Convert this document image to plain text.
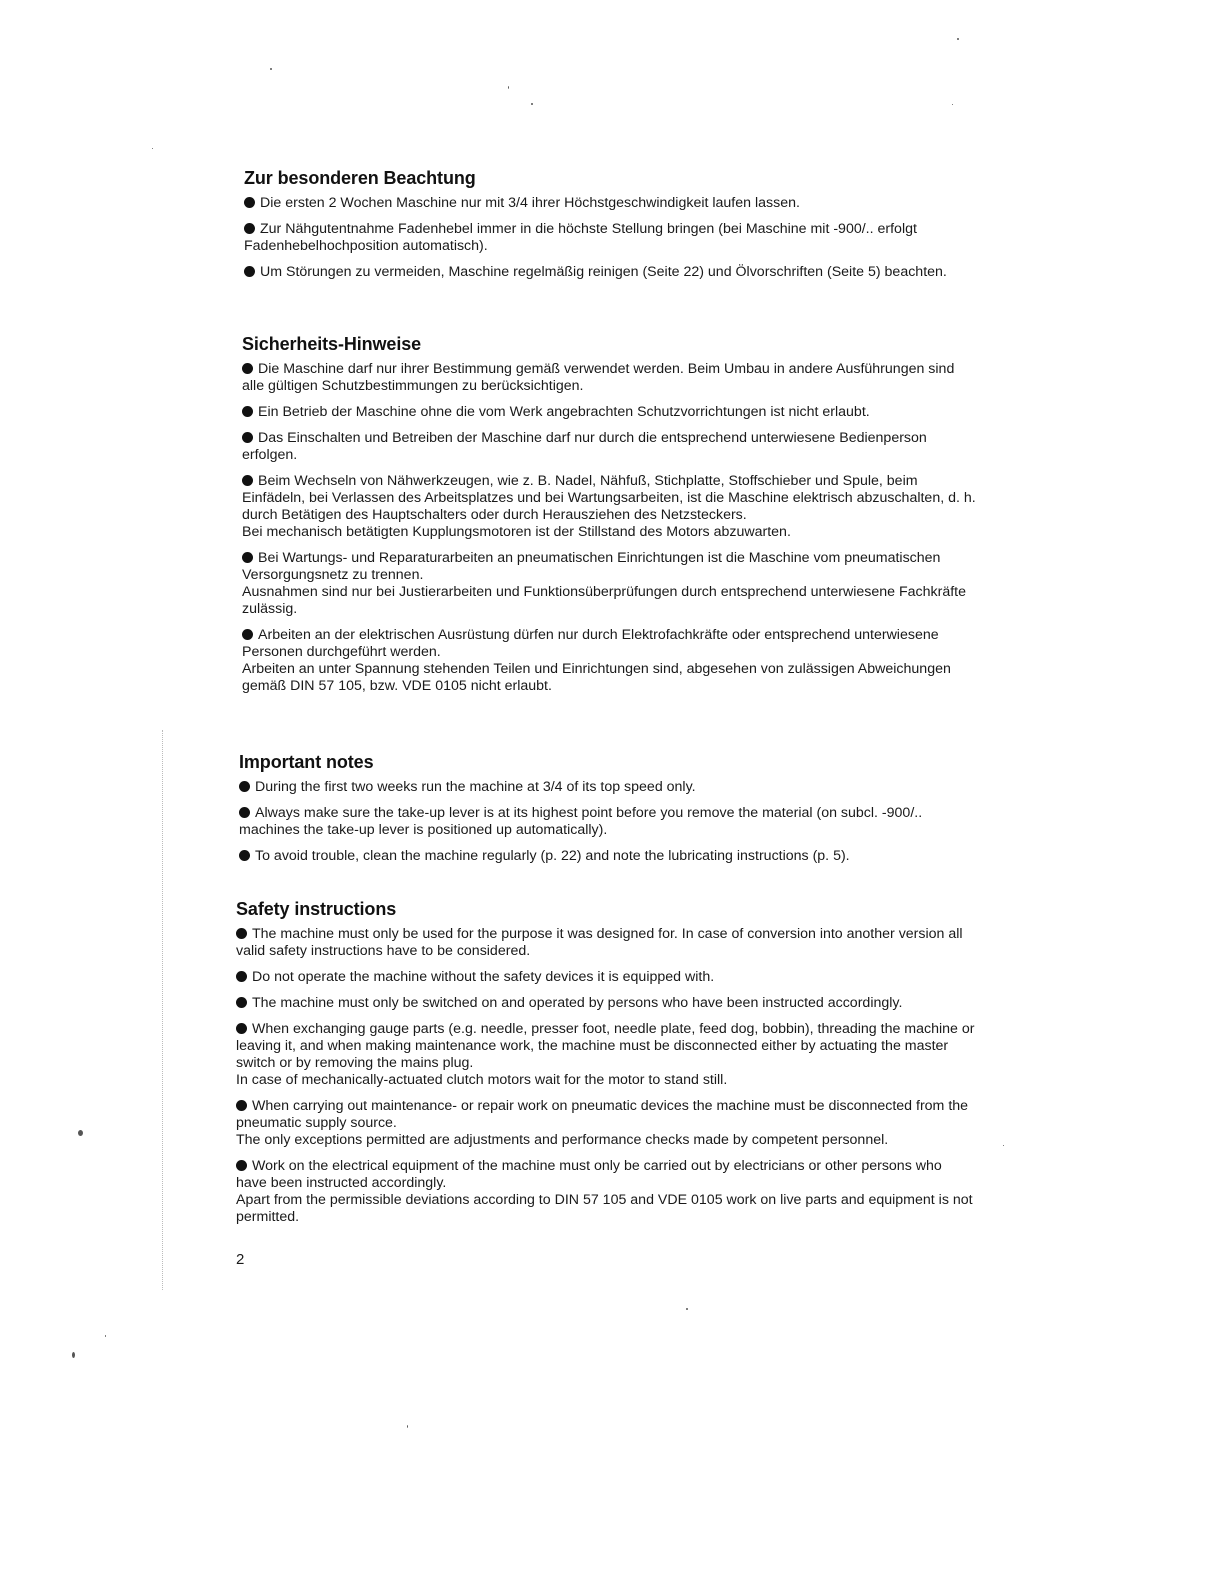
Zur besonderen Beachtung
Die ersten 2 Wochen Maschine nur mit 3/4 ihrer Höchstgeschwindigkeit laufen lassen.
Zur Nähgutentnahme Fadenhebel immer in die höchste Stellung bringen (bei Maschine mit -900/.. erfolgt Fadenhebelhochposition automatisch).
Um Störungen zu vermeiden, Maschine regelmäßig reinigen (Seite 22) und Ölvorschriften (Seite 5) beachten.
Sicherheits-Hinweise
Die Maschine darf nur ihrer Bestimmung gemäß verwendet werden. Beim Umbau in andere Ausführungen sind alle gültigen Schutzbestimmungen zu berücksichtigen.
Ein Betrieb der Maschine ohne die vom Werk angebrachten Schutzvorrichtungen ist nicht erlaubt.
Das Einschalten und Betreiben der Maschine darf nur durch die entsprechend unterwiesene Bedienperson erfolgen.
Beim Wechseln von Nähwerkzeugen, wie z. B. Nadel, Nähfuß, Stichplatte, Stoffschieber und Spule, beim Einfädeln, bei Verlassen des Arbeitsplatzes und bei Wartungsarbeiten, ist die Maschine elektrisch abzuschalten, d. h. durch Betätigen des Hauptschalters oder durch Herausziehen des Netzsteckers.
Bei mechanisch betätigten Kupplungsmotoren ist der Stillstand des Motors abzuwarten.
Bei Wartungs- und Reparaturarbeiten an pneumatischen Einrichtungen ist die Maschine vom pneumatischen Versorgungsnetz zu trennen.
Ausnahmen sind nur bei Justierarbeiten und Funktionsüberprüfungen durch entsprechend unterwiesene Fachkräfte zulässig.
Arbeiten an der elektrischen Ausrüstung dürfen nur durch Elektrofachkräfte oder entsprechend unterwiesene Personen durchgeführt werden.
Arbeiten an unter Spannung stehenden Teilen und Einrichtungen sind, abgesehen von zulässigen Abweichungen gemäß DIN 57 105, bzw. VDE 0105 nicht erlaubt.
Important notes
During the first two weeks run the machine at 3/4 of its top speed only.
Always make sure the take-up lever is at its highest point before you remove the material (on subcl. -900/.. machines the take-up lever is positioned up automatically).
To avoid trouble, clean the machine regularly (p. 22) and note the lubricating instructions (p. 5).
Safety instructions
The machine must only be used for the purpose it was designed for. In case of conversion into another version all valid safety instructions have to be considered.
Do not operate the machine without the safety devices it is equipped with.
The machine must only be switched on and operated by persons who have been instructed accordingly.
When exchanging gauge parts (e.g. needle, presser foot, needle plate, feed dog, bobbin), threading the machine or leaving it, and when making maintenance work, the machine must be disconnected either by actuating the master switch or by removing the mains plug.
In case of mechanically-actuated clutch motors wait for the motor to stand still.
When carrying out maintenance- or repair work on pneumatic devices the machine must be disconnected from the pneumatic supply source.
The only exceptions permitted are adjustments and performance checks made by competent personnel.
Work on the electrical equipment of the machine must only be carried out by electricians or other persons who have been instructed accordingly.
Apart from the permissible deviations according to DIN 57 105 and VDE 0105 work on live parts and equipment is not permitted.
2
